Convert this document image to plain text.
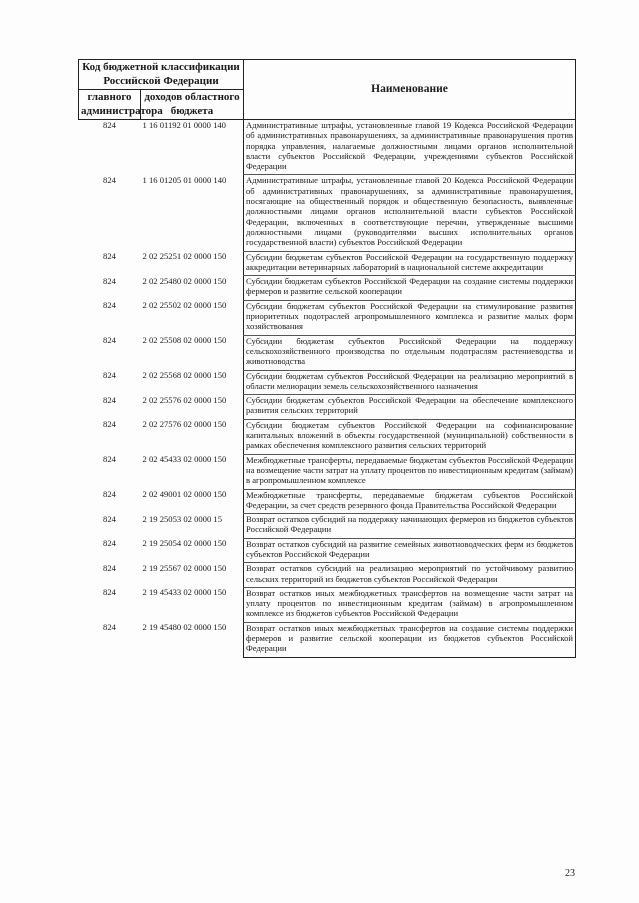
Код бюджетной классификации Российской Федерации		Наименование
главного администратора	доходов областного бюджета	
824	1 16 01192 01 0000 140	Административные штрафы, установленные главой 19 Кодекса Российской Федерации об административных правонарушениях, за административные правонарушения против порядка управления, налагаемые должностными лицами органов исполнительной власти субъектов Российской Федерации, учреждениями субъектов Российской Федерации
824	1 16 01205 01 0000 140	Административные штрафы, установленные главой 20 Кодекса Российской Федерации об административных правонарушениях, за административные правонарушения, посягающие на общественный порядок и общественную безопасность, выявленные должностными лицами органов исполнительной власти субъектов Российской Федерации, включенных в соответствующие перечни, утвержденные высшими должностными лицами (руководителями высших исполнительных органов государственной власти) субъектов Российской Федерации
824	2 02 25251 02 0000 150	Субсидии бюджетам субъектов Российской Федерации на государственную поддержку аккредитации ветеринарных лабораторий в национальной системе аккредитации
824	2 02 25480 02 0000 150	Субсидии бюджетам субъектов Российской Федерации на создание системы поддержки фермеров и развитие сельской кооперации
824	2 02 25502 02 0000 150	Субсидии бюджетам субъектов Российской Федерации на стимулирование развития приоритетных подотраслей агропромышленного комплекса и развитие малых форм хозяйствования
824	2 02 25508 02 0000 150	Субсидии бюджетам субъектов Российской Федерации на поддержку сельскохозяйственного производства по отдельным подотраслям растениеводства и животноводства
824	2 02 25568 02 0000 150	Субсидии бюджетам субъектов Российской Федерации на реализацию мероприятий в области мелиорации земель сельскохозяйственного назначения
824	2 02 25576 02 0000 150	Субсидии бюджетам субъектов Российской Федерации на обеспечение комплексного развития сельских территорий
824	2 02 27576 02 0000 150	Субсидии бюджетам субъектов Российской Федерации на софинансирование капитальных вложений в объекты государственной (муниципальной) собственности в рамках обеспечения комплексного развития сельских территорий
824	2 02 45433 02 0000 150	Межбюджетные трансферты, передаваемые бюджетам субъектов Российской Федерации на возмещение части затрат на уплату процентов по инвестиционным кредитам (займам) в агропромышленном комплексе
824	2 02 49001 02 0000 150	Межбюджетные трансферты, передаваемые бюджетам субъектов Российской Федерации, за счет средств резервного фонда Правительства Российской Федерации
824	2 19 25053 02 0000 15	Возврат остатков субсидий на поддержку начинающих фермеров из бюджетов субъектов Российской Федерации
824	2 19 25054 02 0000 150	Возврат остатков субсидий на развитие семейных животноводческих ферм из бюджетов субъектов Российской Федерации
824	2 19 25567 02 0000 150	Возврат остатков субсидий на реализацию мероприятий по устойчивому развитию сельских территорий из бюджетов субъектов Российской Федерации
824	2 19 45433 02 0000 150	Возврат остатков иных межбюджетных трансфертов на возмещение части затрат на уплату процентов по инвестиционным кредитам (займам) в агропромышленном комплексе из бюджетов субъектов Российской Федерации
824	2 19 45480 02 0000 150	Возврат остатков иных межбюджетных трансфертов на создание системы поддержки фермеров и развитие сельской кооперации из бюджетов субъектов Российской Федерации
23
